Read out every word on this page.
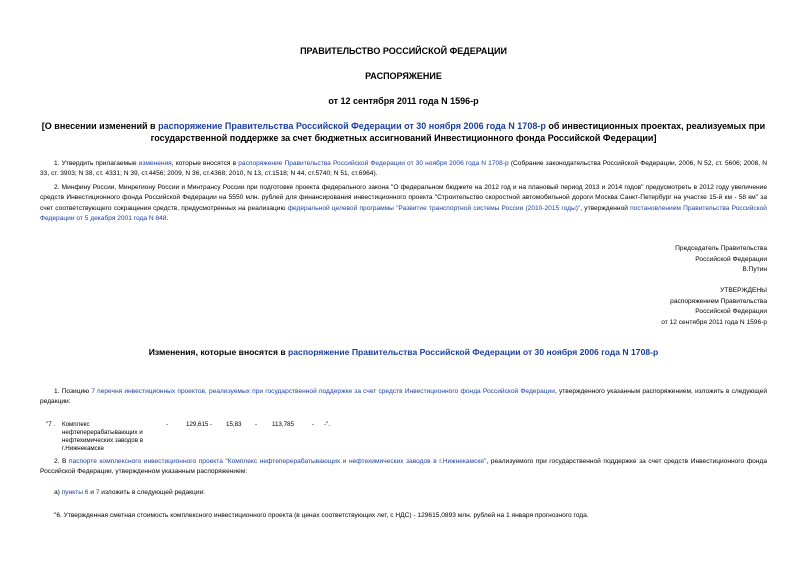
ПРАВИТЕЛЬСТВО РОССИЙСКОЙ ФЕДЕРАЦИИ
РАСПОРЯЖЕНИЕ
от 12 сентября 2011 года N 1596-р
[О внесении изменений в распоряжение Правительства Российской Федерации от 30 ноября 2006 года N 1708-р об инвестиционных проектах, реализуемых при государственной поддержке за счет бюджетных ассигнований Инвестиционного фонда Российской Федерации]
1. Утвердить прилагаемые изменения, которые вносятся в распоряжение Правительства Российской Федерации от 30 ноября 2006 года N 1708-р (Собрание законодательства Российской Федерации, 2006, N 52, ст. 5606; 2008, N 33, ст. 3903; N 38, ст. 4331; N 39, ст.4456; 2009, N 36, ст.4368; 2010, N 13, ст.1518; N 44, ст.5740; N 51, ст.6964).
2. Минфину России, Минрегиону России и Минтрансу России при подготовке проекта федерального закона "О федеральном бюджете на 2012 год и на плановый период 2013 и 2014 годов" предусмотреть в 2012 году увеличение средств Инвестиционного фонда Российской Федерации на 5550 млн. рублей для финансирования инвестиционного проекта "Строительство скоростной автомобильной дороги Москва Санкт-Петербург на участке 15-й км - 58 км" за счет соответствующего сокращения средств, предусмотренных на реализацию федеральной целевой программы "Развитие транспортной системы России (2010-2015 годы)", утвержденной постановлением Правительства Российской Федерации от 5 декабря 2001 года N 848.
Председатель Правительства
Российской Федерации
В.Путин
УТВЕРЖДЕНЫ
распоряжением Правительства
Российской Федерации
от 12 сентября 2011 года N 1596-р
Изменения, которые вносятся в распоряжение Правительства Российской Федерации от 30 ноября 2006 года N 1708-р
1. Позицию 7 перечня инвестиционных проектов, реализуемых при государственной поддержке за счет средств Инвестиционного фонда Российской Федерации, утвержденного указанным распоряжением, изложить в следующей редакции:
"7 . Комплекс нефтеперерабатывающих и нефтехимических заводов в г.Нижнекамске
-	129,615 - 15,83 - 113,785	- -".
2. В паспорте комплексного инвестиционного проекта "Комплекс нефтеперерабатывающих и нефтехимических заводов в г.Нижнекамске", реализуемого при государственной поддержке за счет средств Инвестиционного фонда Российской Федерации, утвержденном указанным распоряжением:
а) пункты 6 и 7 изложить в следующей редакции:
"6. Утвержденная сметная стоимость комплексного инвестиционного проекта (в ценах соответствующих лет, с НДС) - 129615,0893 млн. рублей на 1 января прогнозного года.
